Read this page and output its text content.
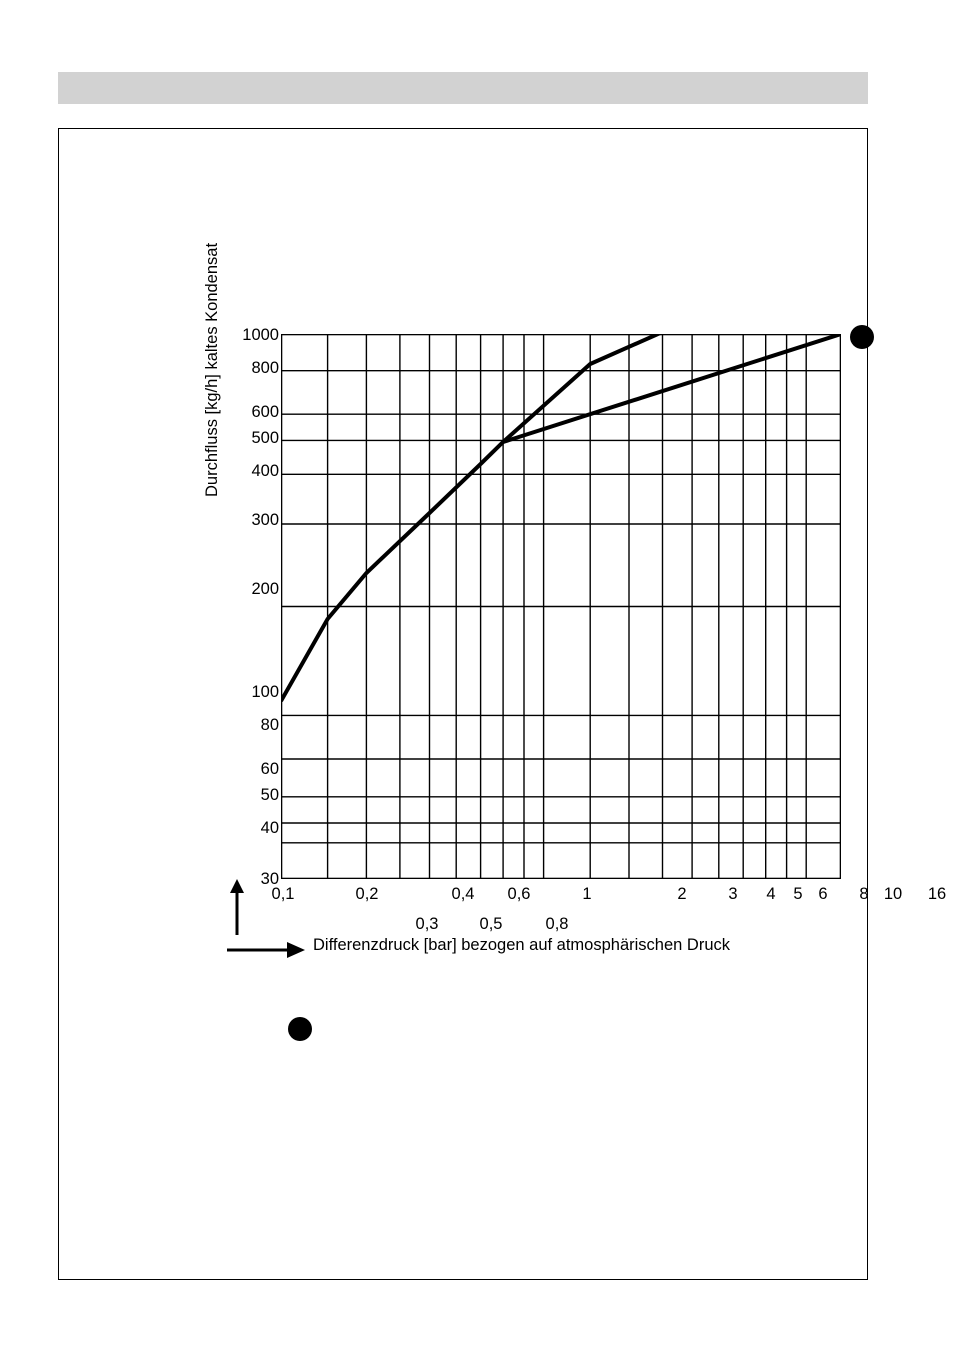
Durchfluss [kg/h] kaltes Kondensat 1000
800
600
500
400
300
200
100
80
60
50
40
30
0,1	0,2	0,4	0,6	1	2	3	4	5 6	8 10	16
0,3	0,5	0,8
Differenzdruck [bar] bezogen auf atmosphärischen Druck
